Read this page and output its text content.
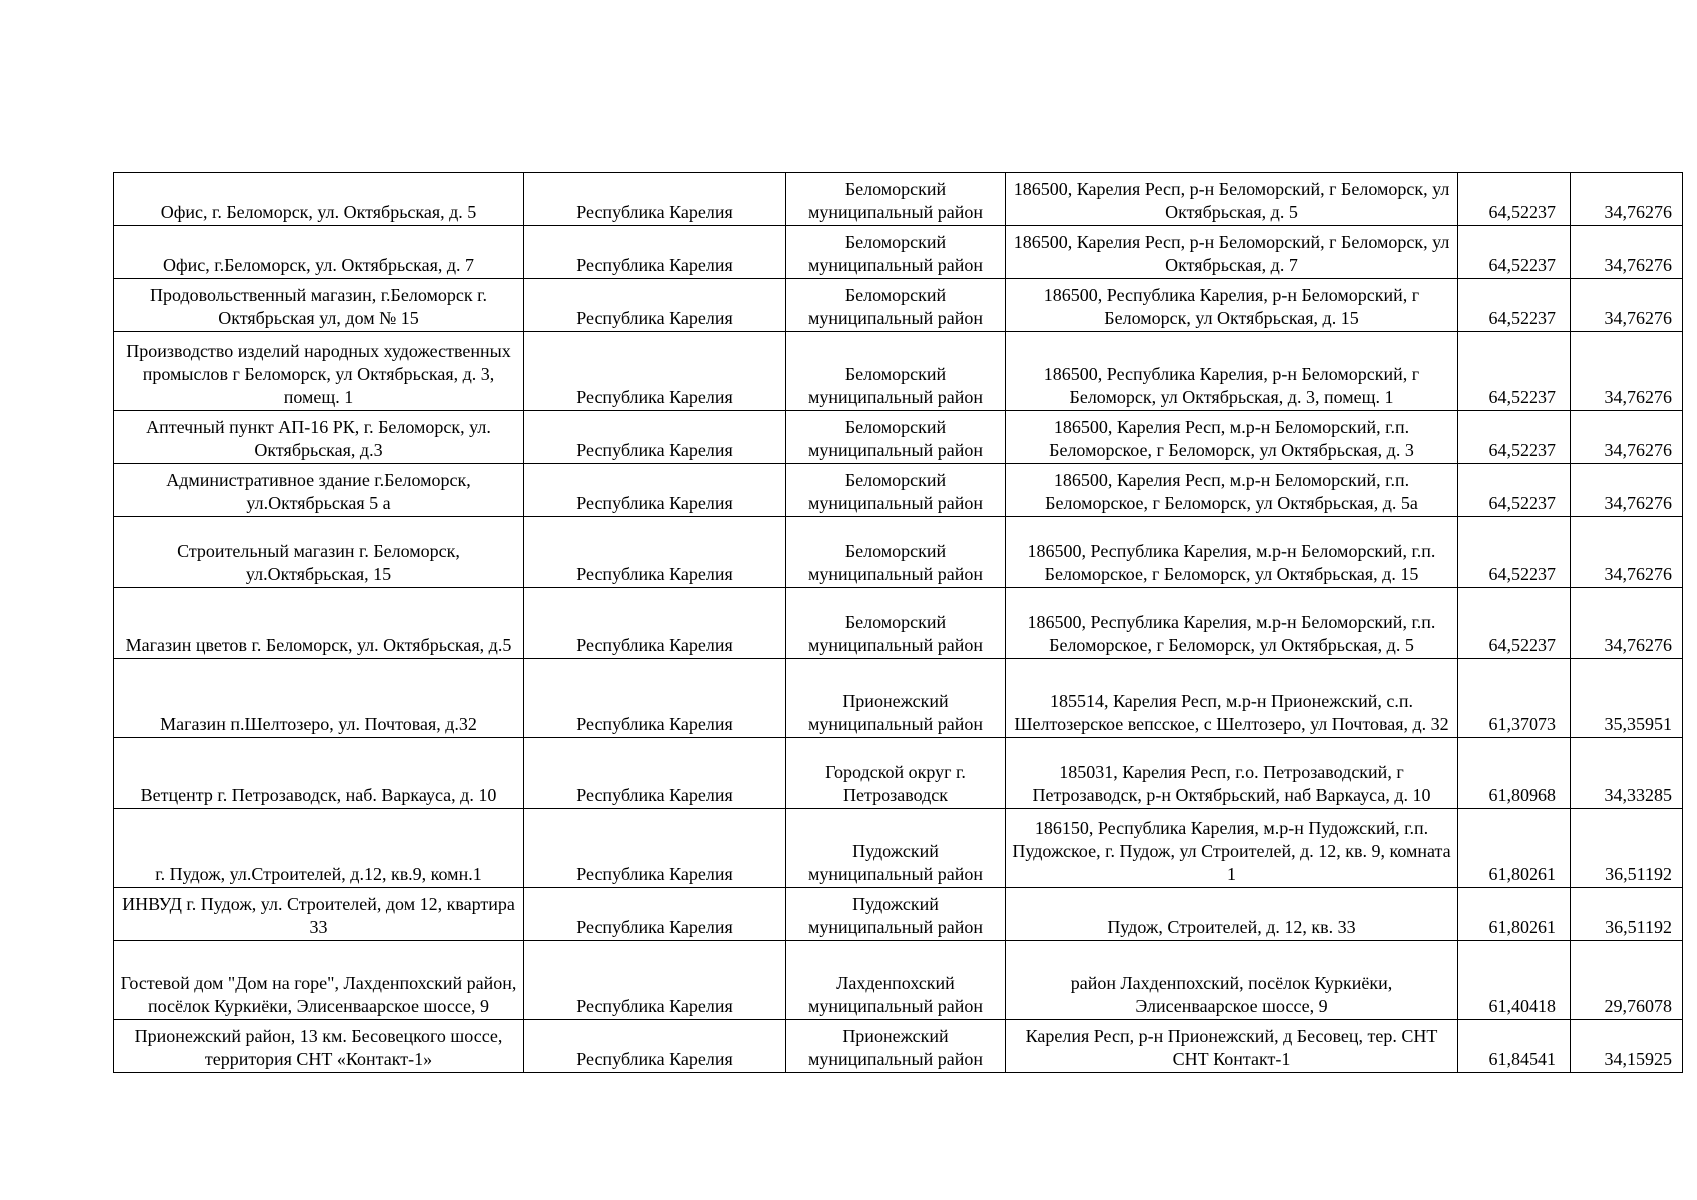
Офис, г. Беломорск, ул. Октябрьская, д. 5	Республика Карелия	Беломорский муниципальный район	186500, Карелия Респ, р-н Беломорский, г Беломорск, ул Октябрьская, д. 5	64,52237	34,76276
Офис, г.Беломорск, ул. Октябрьская, д. 7	Республика Карелия	Беломорский муниципальный район	186500, Карелия Респ, р-н Беломорский, г Беломорск, ул Октябрьская, д. 7	64,52237	34,76276
Продовольственный магазин, г.Беломорск г. Октябрьская ул, дом № 15	Республика Карелия	Беломорский муниципальный район	186500, Республика Карелия, р-н Беломорский, г Беломорск, ул Октябрьская, д. 15	64,52237	34,76276
Производство изделий народных художественных промыслов г Беломорск, ул Октябрьская, д. 3, помещ. 1	Республика Карелия	Беломорский муниципальный район	186500, Республика Карелия, р-н Беломорский, г Беломорск, ул Октябрьская, д. 3, помещ. 1	64,52237	34,76276
Аптечный пункт АП-16 РК, г. Беломорск, ул. Октябрьская, д.3	Республика Карелия	Беломорский муниципальный район	186500, Карелия Респ, м.р-н Беломорский, г.п. Беломорское, г Беломорск, ул Октябрьская, д. 3	64,52237	34,76276
Административное здание г.Беломорск, ул.Октябрьская 5 а	Республика Карелия	Беломорский муниципальный район	186500, Карелия Респ, м.р-н Беломорский, г.п. Беломорское, г Беломорск, ул Октябрьская, д. 5а	64,52237	34,76276
Строительный магазин г. Беломорск, ул.Октябрьская, 15	Республика Карелия	Беломорский муниципальный район	186500, Республика Карелия, м.р-н Беломорский, г.п. Беломорское, г Беломорск, ул Октябрьская, д. 15	64,52237	34,76276
Магазин цветов г. Беломорск, ул. Октябрьская, д.5	Республика Карелия	Беломорский муниципальный район	186500, Республика Карелия, м.р-н Беломорский, г.п. Беломорское, г Беломорск, ул Октябрьская, д. 5	64,52237	34,76276
Магазин п.Шелтозеро, ул. Почтовая, д.32	Республика Карелия	Прионежский муниципальный район	185514, Карелия Респ, м.р-н Прионежский, с.п. Шелтозерское вепсское, с Шелтозеро, ул Почтовая, д. 32	61,37073	35,35951
Ветцентр г. Петрозаводск, наб. Варкауса, д. 10	Республика Карелия	Городской округ г. Петрозаводск	185031, Карелия Респ, г.о. Петрозаводский, г Петрозаводск, р-н Октябрьский, наб Варкауса, д. 10	61,80968	34,33285
г. Пудож, ул.Строителей, д.12, кв.9, комн.1	Республика Карелия	Пудожский муниципальный район	186150, Республика Карелия, м.р-н Пудожский, г.п. Пудожское, г. Пудож, ул Строителей, д. 12, кв. 9, комната 1	61,80261	36,51192
ИНВУД г. Пудож, ул. Строителей, дом 12, квартира 33	Республика Карелия	Пудожский муниципальный район	Пудож, Строителей, д. 12, кв. 33	61,80261	36,51192
Гостевой дом "Дом на горе", Лахденпохский район, посёлок Куркиёки, Элисенваарское шоссе, 9	Республика Карелия	Лахденпохский муниципальный район	район Лахденпохский, посёлок Куркиёки, Элисенваарское шоссе, 9	61,40418	29,76078
Прионежский район, 13 км. Бесовецкого шоссе, территория СНТ «Контакт-1»	Республика Карелия	Прионежский муниципальный район	Карелия Респ, р-н Прионежский, д Бесовец, тер. СНТ СНТ Контакт-1	61,84541	34,15925
